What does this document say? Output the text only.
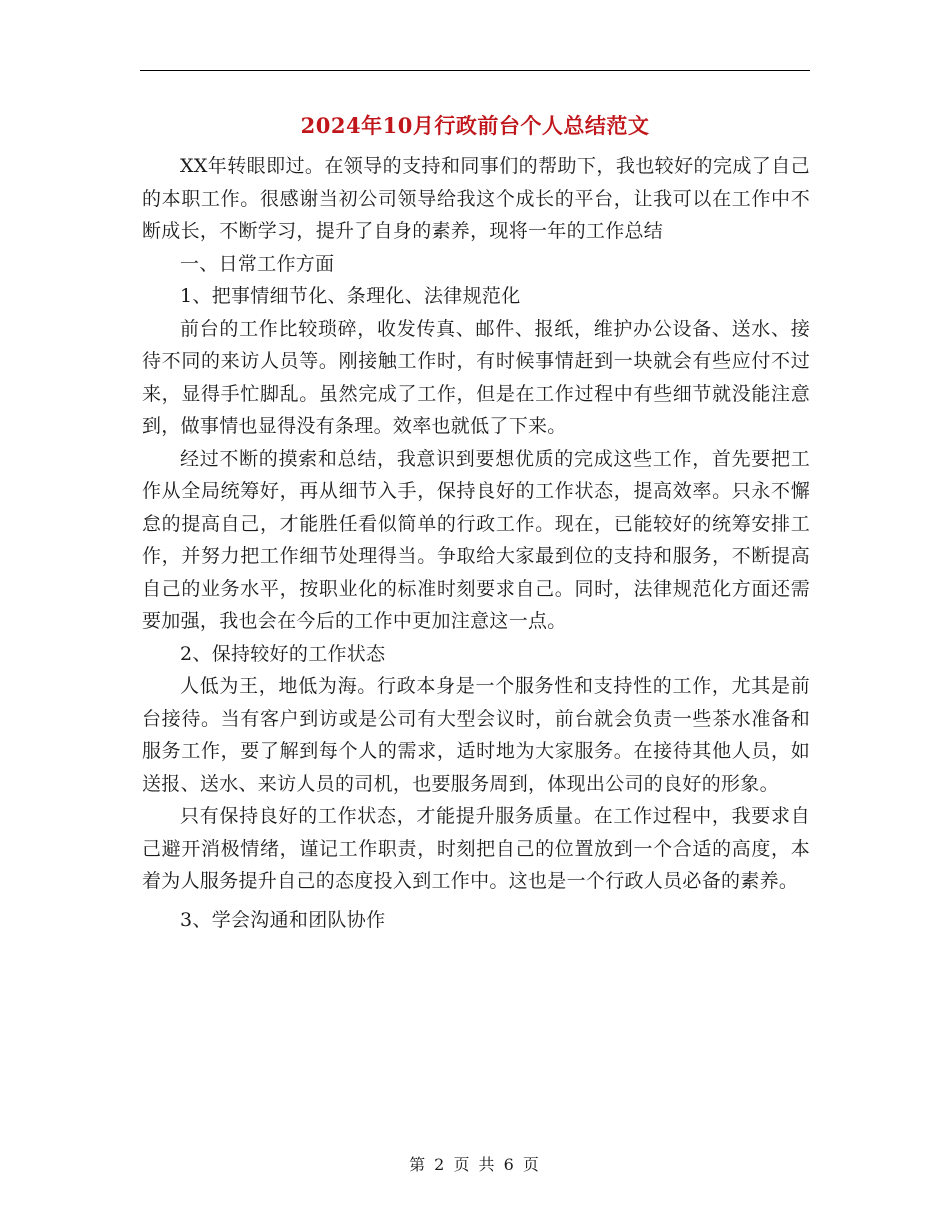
2024年10月行政前台个人总结范文

XX年转眼即过。在领导的支持和同事们的帮助下，我也较好的完成了自己的本职工作。很感谢当初公司领导给我这个成长的平台，让我可以在工作中不断成长，不断学习，提升了自身的素养，现将一年的工作总结

一、日常工作方面

1、把事情细节化、条理化、法律规范化

前台的工作比较琐碎，收发传真、邮件、报纸，维护办公设备、送水、接待不同的来访人员等。刚接触工作时，有时候事情赶到一块就会有些应付不过来，显得手忙脚乱。虽然完成了工作，但是在工作过程中有些细节就没能注意到，做事情也显得没有条理。效率也就低了下来。

经过不断的摸索和总结，我意识到要想优质的完成这些工作，首先要把工作从全局统筹好，再从细节入手，保持良好的工作状态，提高效率。只永不懈怠的提高自己，才能胜任看似简单的行政工作。现在，已能较好的统筹安排工作，并努力把工作细节处理得当。争取给大家最到位的支持和服务，不断提高自己的业务水平，按职业化的标准时刻要求自己。同时，法律规范化方面还需要加强，我也会在今后的工作中更加注意这一点。

2、保持较好的工作状态

人低为王，地低为海。行政本身是一个服务性和支持性的工作，尤其是前台接待。当有客户到访或是公司有大型会议时，前台就会负责一些茶水准备和服务工作，要了解到每个人的需求，适时地为大家服务。在接待其他人员，如送报、送水、来访人员的司机，也要服务周到，体现出公司的良好的形象。

只有保持良好的工作状态，才能提升服务质量。在工作过程中，我要求自己避开消极情绪，谨记工作职责，时刻把自己的位置放到一个合适的高度，本着为人服务提升自己的态度投入到工作中。这也是一个行政人员必备的素养。

3、学会沟通和团队协作

第 2 页 共 6 页
